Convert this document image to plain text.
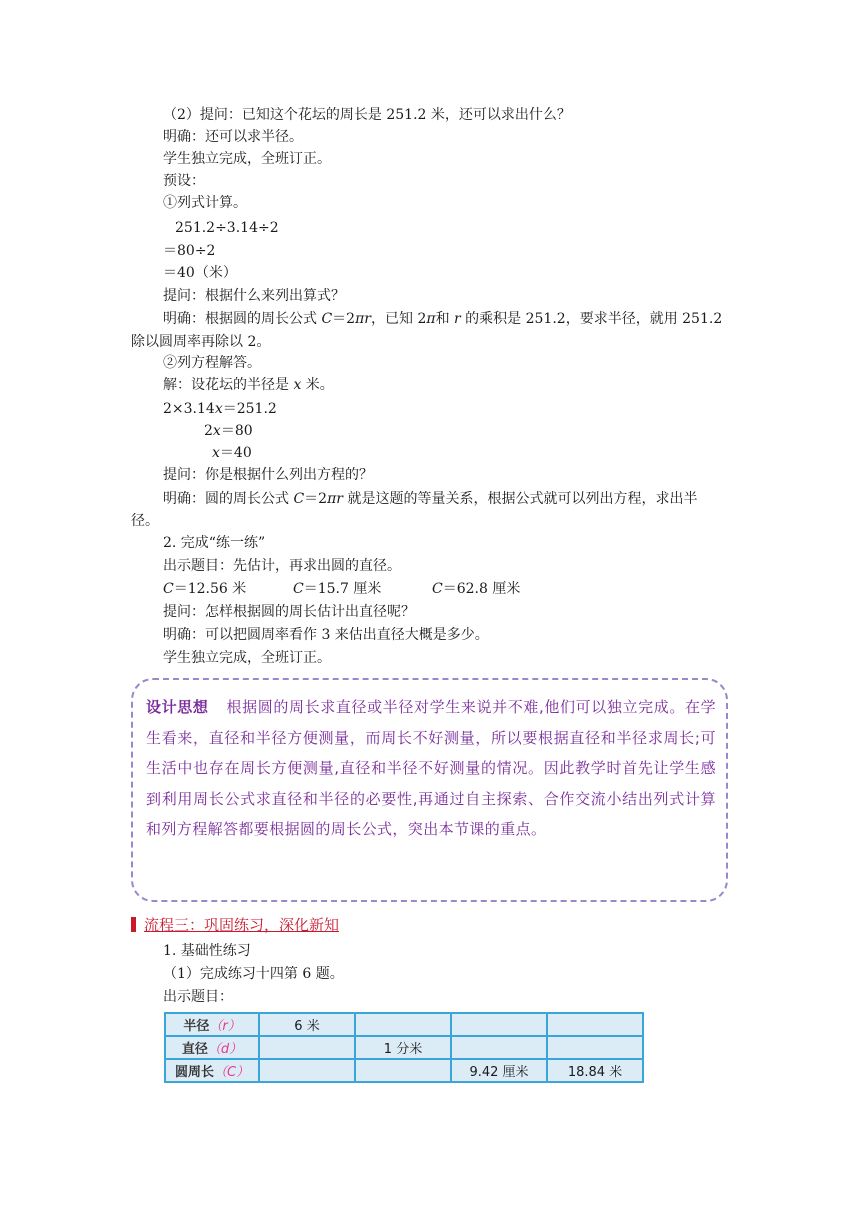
（2）提问：已知这个花坛的周长是 251.2 米，还可以求出什么？
明确：还可以求半径。
学生独立完成，全班订正。
预设：
①列式计算。
251.2÷3.14÷2
＝80÷2
＝40（米）
提问：根据什么来列出算式？
明确：根据圆的周长公式 C＝2πr，已知 2π和 r 的乘积是 251.2，要求半径，就用 251.2
除以圆周率再除以 2。
②列方程解答。
解：设花坛的半径是 x 米。
2×3.14x＝251.2
2x＝80
x＝40
提问：你是根据什么列出方程的？
明确：圆的周长公式 C＝2πr 就是这题的等量关系，根据公式就可以列出方程，求出半
径。
2. 完成“练一练”
出示题目：先估计，再求出圆的直径。
C＝12.56 米	C＝15.7 厘米	C＝62.8 厘米
提问：怎样根据圆的周长估计出直径呢？
明确：可以把圆周率看作 3 来估出直径大概是多少。
学生独立完成，全班订正。
设计思想 根据圆的周长求直径或半径对学生来说并不难,他们可以独立完成。在学生看来，直径和半径方便测量，而周长不好测量，所以要根据直径和半径求周长;可生活中也存在周长方便测量,直径和半径不好测量的情况。因此教学时首先让学生感到利用周长公式求直径和半径的必要性,再通过自主探索、合作交流小结出列式计算和列方程解答都要根据圆的周长公式，突出本节课的重点。
流程三：巩固练习，深化新知
1. 基础性练习
（1）完成练习十四第 6 题。
出示题目：
半径（r）	6 米			
直径（d）		1 分米		
圆周长（C）			9.42 厘米	18.84 米
